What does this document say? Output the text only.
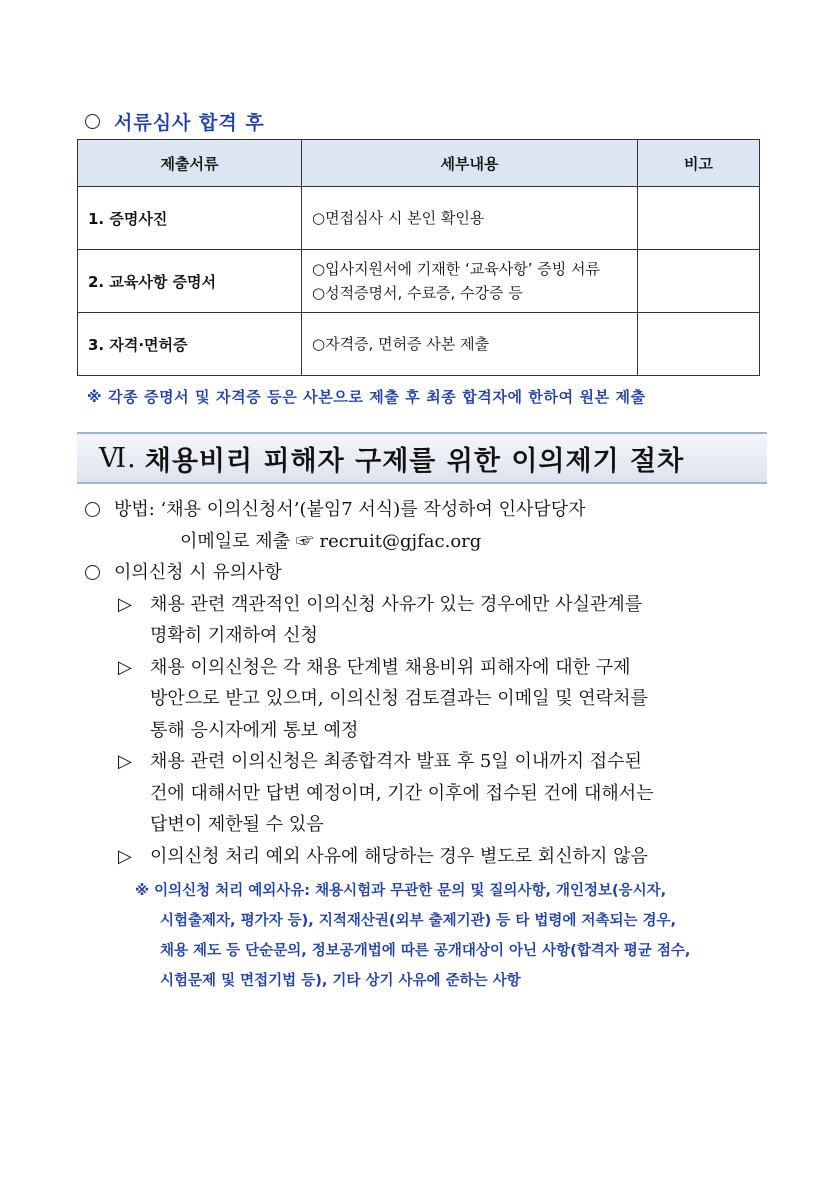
서류심사 합격 후
제출서류	세부내용	비고
1. 증명사진	○면접심사 시 본인 확인용	

2. 교육사항 증명서	○입사지원서에 기재한 ‘교육사항’ 증빙 서류
○성적증명서, 수료증, 수강증 등	

3. 자격·면허증	○자격증, 면허증 사본 제출	

※ 각종 증명서 및 자격증 등은 사본으로 제출 후 최종 합격자에 한하여 원본 제출
Ⅵ. 채용비리 피해자 구제를 위한 이의제기 절차
방법: ‘채용 이의신청서’(붙임7 서식)를 작성하여 인사담당자
이메일로 제출 ☞ recruit@gjfac.org
이의신청 시 유의사항
▷	채용 관련 객관적인 이의신청 사유가 있는 경우에만 사실관계를
명확히 기재하여 신청
▷	채용 이의신청은 각 채용 단계별 채용비위 피해자에 대한 구제
방안으로 받고 있으며, 이의신청 검토결과는 이메일 및 연락처를
통해 응시자에게 통보 예정
▷	채용 관련 이의신청은 최종합격자 발표 후 5일 이내까지 접수된
건에 대해서만 답변 예정이며, 기간 이후에 접수된 건에 대해서는
답변이 제한될 수 있음
▷	이의신청 처리 예외 사유에 해당하는 경우 별도로 회신하지 않음
※ 이의신청 처리 예외사유: 채용시험과 무관한 문의 및 질의사항, 개인정보(응시자,
시험출제자, 평가자 등), 지적재산권(외부 출제기관) 등 타 법령에 저촉되는 경우,
채용 제도 등 단순문의, 정보공개법에 따른 공개대상이 아닌 사항(합격자 평균 점수,
시험문제 및 면접기법 등), 기타 상기 사유에 준하는 사항
